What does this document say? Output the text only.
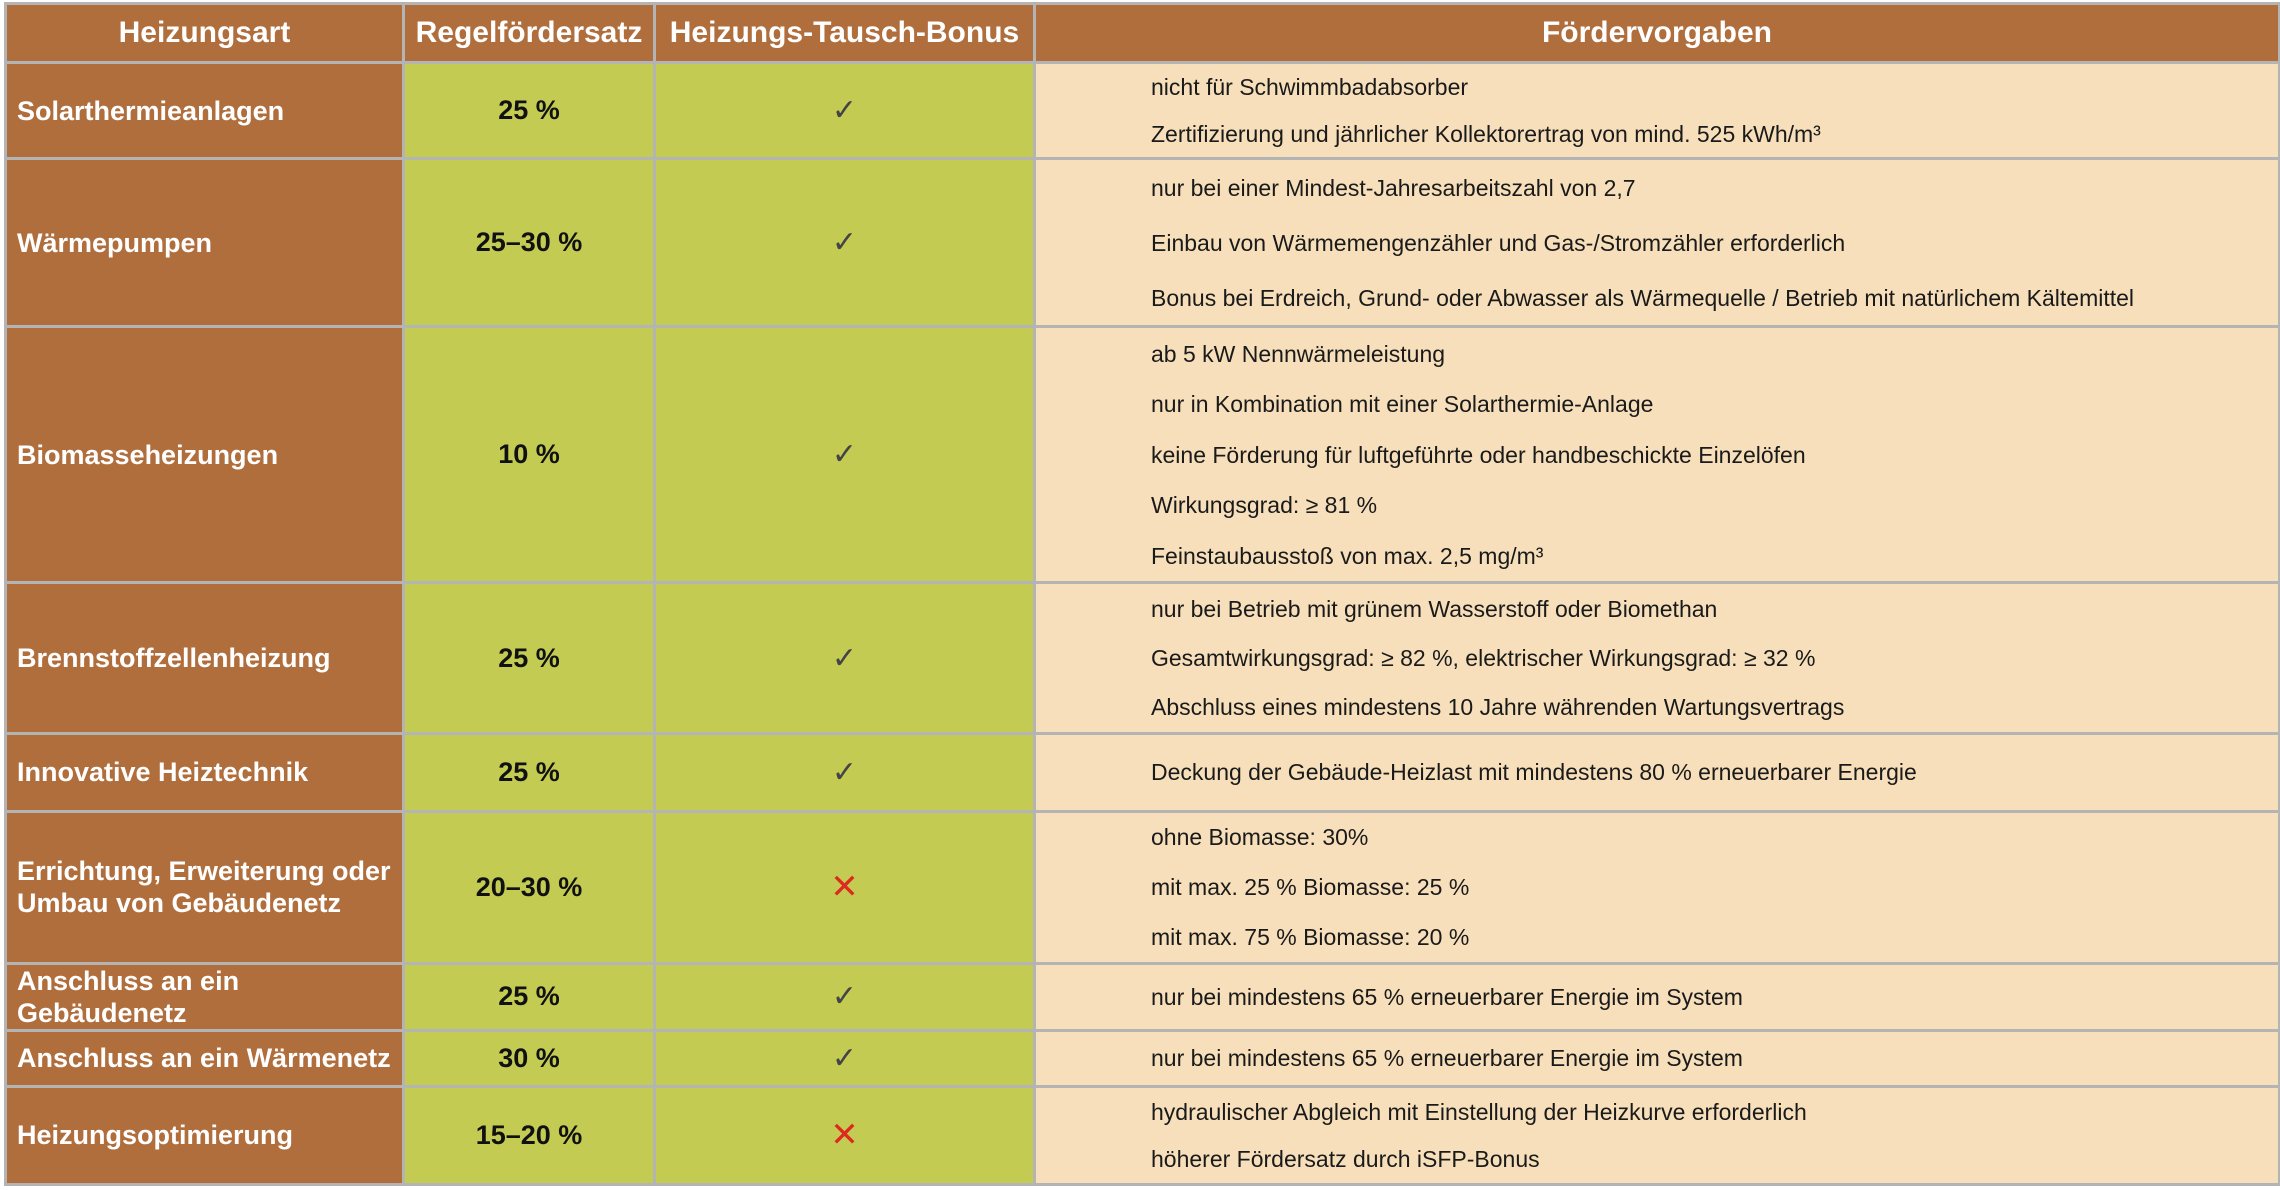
Heizungsart	Regelfördersatz	Heizungs-Tausch-Bonus	Fördervorgaben
Solarthermieanlagen	25 %	✓	nicht für Schwimmbadabsorber
Zertifizierung und jährlicher Kollektorertrag von mind. 525 kWh/m³

Wärmepumpen	25–30 %	✓	nur bei einer Mindest-Jahresarbeitszahl von 2,7
Einbau von Wärmemengenzähler und Gas-/Stromzähler erforderlich
Bonus bei Erdreich, Grund- oder Abwasser als Wärmequelle / Betrieb mit natürlichem Kältemittel

Biomasseheizungen	10 %	✓	ab 5 kW Nennwärmeleistung
nur in Kombination mit einer Solarthermie-Anlage
keine Förderung für luftgeführte oder handbeschickte Einzelöfen
Wirkungsgrad: ≥ 81 %
Feinstaubausstoß von max. 2,5 mg/m³

Brennstoffzellenheizung	25 %	✓	nur bei Betrieb mit grünem Wasserstoff oder Biomethan
Gesamtwirkungsgrad: ≥ 82 %, elektrischer Wirkungsgrad: ≥ 32 %
Abschluss eines mindestens 10 Jahre währenden Wartungsvertrags

Innovative Heiztechnik	25 %	✓	Deckung der Gebäude-Heizlast mit mindestens 80 % erneuerbarer Energie

Errichtung, Erweiterung oder Umbau von Gebäudenetz	20–30 %	✕	ohne Biomasse: 30%
mit max. 25 % Biomasse: 25 %
mit max. 75 % Biomasse: 20 %

Anschluss an ein Gebäudenetz	25 %	✓	nur bei mindestens 65 % erneuerbarer Energie im System

Anschluss an ein Wärmenetz	30 %	✓	nur bei mindestens 65 % erneuerbarer Energie im System

Heizungsoptimierung	15–20 %	✕	hydraulischer Abgleich mit Einstellung der Heizkurve erforderlich
höherer Fördersatz durch iSFP-Bonus
